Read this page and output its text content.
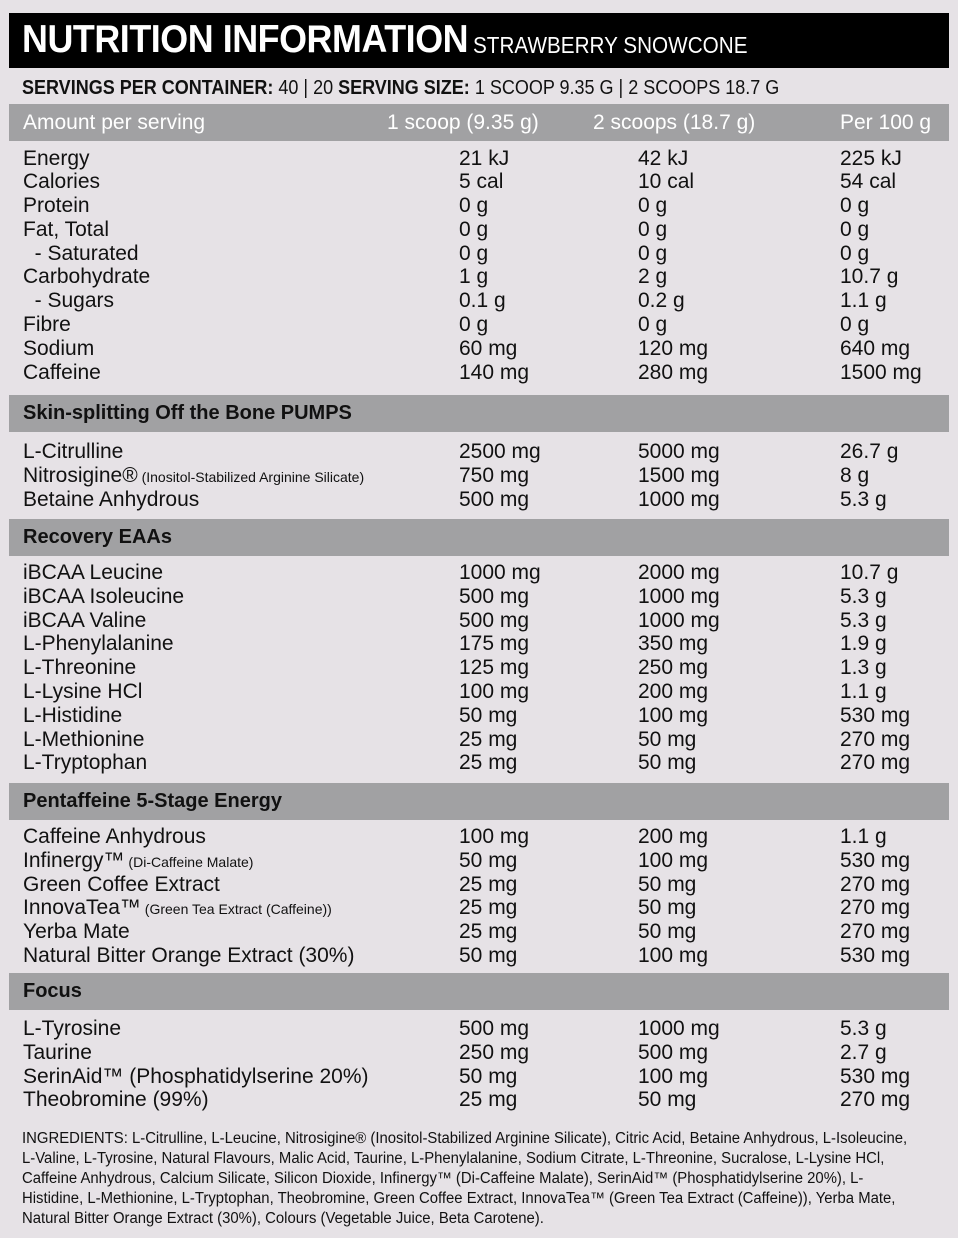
NUTRITION INFORMATION STRAWBERRY SNOWCONE
SERVINGS PER CONTAINER: 40 | 20 SERVING SIZE: 1 SCOOP 9.35 G | 2 SCOOPS 18.7 G
Amount per serving	1 scoop (9.35 g)	2 scoops (18.7 g)	Per 100 g
Energy	21 kJ	42 kJ	225 kJ
Calories	5 cal	10 cal	54 cal
Protein	0 g	0 g	0 g
Fat, Total	0 g	0 g	0 g
- Saturated	0 g	0 g	0 g
Carbohydrate	1 g	2 g	10.7 g
- Sugars	0.1 g	0.2 g	1.1 g
Fibre	0 g	0 g	0 g
Sodium	60 mg	120 mg	640 mg
Caffeine	140 mg	280 mg	1500 mg
Skin-splitting Off the Bone PUMPS
L-Citrulline	2500 mg	5000 mg	26.7 g
Nitrosigine® (Inositol-Stabilized Arginine Silicate)	750 mg	1500 mg	8 g
Betaine Anhydrous	500 mg	1000 mg	5.3 g
Recovery EAAs
iBCAA Leucine	1000 mg	2000 mg	10.7 g
iBCAA Isoleucine	500 mg	1000 mg	5.3 g
iBCAA Valine	500 mg	1000 mg	5.3 g
L-Phenylalanine	175 mg	350 mg	1.9 g
L-Threonine	125 mg	250 mg	1.3 g
L-Lysine HCl	100 mg	200 mg	1.1 g
L-Histidine	50 mg	100 mg	530 mg
L-Methionine	25 mg	50 mg	270 mg
L-Tryptophan	25 mg	50 mg	270 mg
Pentaffeine 5-Stage Energy
Caffeine Anhydrous	100 mg	200 mg	1.1 g
Infinergy™ (Di-Caffeine Malate)	50 mg	100 mg	530 mg
Green Coffee Extract	25 mg	50 mg	270 mg
InnovaTea™ (Green Tea Extract (Caffeine))	25 mg	50 mg	270 mg
Yerba Mate	25 mg	50 mg	270 mg
Natural Bitter Orange Extract (30%)	50 mg	100 mg	530 mg
Focus
L-Tyrosine	500 mg	1000 mg	5.3 g
Taurine	250 mg	500 mg	2.7 g
SerinAid™ (Phosphatidylserine 20%)	50 mg	100 mg	530 mg
Theobromine (99%)	25 mg	50 mg	270 mg
INGREDIENTS: L-Citrulline, L-Leucine, Nitrosigine® (Inositol-Stabilized Arginine Silicate), Citric Acid, Betaine Anhydrous, L-Isoleucine, L-Valine, L-Tyrosine, Natural Flavours, Malic Acid, Taurine, L-Phenylalanine, Sodium Citrate, L-Threonine, Sucralose, L-Lysine HCl, Caffeine Anhydrous, Calcium Silicate, Silicon Dioxide, Infinergy™ (Di-Caffeine Malate), SerinAid™ (Phosphatidylserine 20%), L-Histidine, L-Methionine, L-Tryptophan, Theobromine, Green Coffee Extract, InnovaTea™ (Green Tea Extract (Caffeine)), Yerba Mate, Natural Bitter Orange Extract (30%), Colours (Vegetable Juice, Beta Carotene).
